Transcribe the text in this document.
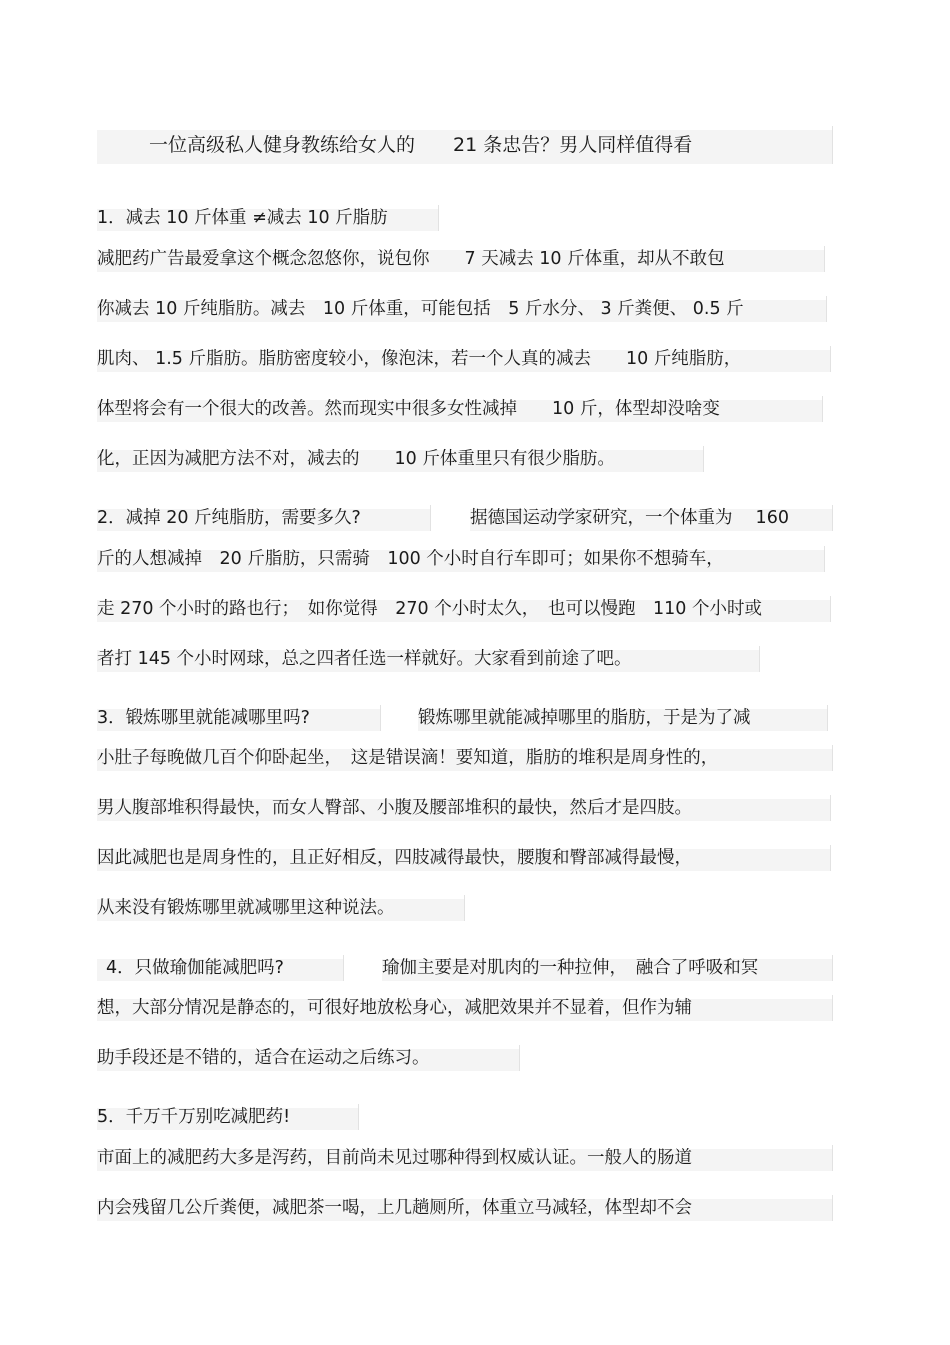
一位高级私人健身教练给女人的　　21 条忠告？男人同样值得看
1．减去 10 斤体重 ≠减去 10 斤脂肪
减肥药广告最爱拿这个概念忽悠你，说包你　　7 天减去 10 斤体重，却从不敢包
你减去 10 斤纯脂肪。减去　10 斤体重，可能包括　5 斤水分、 3 斤粪便、 0.5 斤
肌肉、 1.5 斤脂肪。脂肪密度较小，像泡沫，若一个人真的减去　　10 斤纯脂肪，
体型将会有一个很大的改善。然而现实中很多女性减掉　　10 斤，体型却没啥变
化，正因为减肥方法不对，减去的　　10 斤体重里只有很少脂肪。
2．减掉 20 斤纯脂肪，需要多久?	据德国运动学家研究，一个体重为　 160
斤的人想减掉　20 斤脂肪，只需骑　100 个小时自行车即可；如果你不想骑车，
走 270 个小时的路也行；　如你觉得　270 个小时太久，　也可以慢跑　110 个小时或
者打 145 个小时网球，总之四者任选一样就好。大家看到前途了吧。
3．锻炼哪里就能减哪里吗?	锻炼哪里就能减掉哪里的脂肪，于是为了减
小肚子每晚做几百个仰卧起坐，　这是错误滴！要知道，脂肪的堆积是周身性的，
男人腹部堆积得最快，而女人臀部、小腹及腰部堆积的最快，然后才是四肢。
因此减肥也是周身性的，且正好相反，四肢减得最快，腰腹和臀部减得最慢，
从来没有锻炼哪里就减哪里这种说法。
4．只做瑜伽能减肥吗?	瑜伽主要是对肌肉的一种拉伸，　融合了呼吸和冥
想，大部分情况是静态的，可很好地放松身心，减肥效果并不显着，但作为辅
助手段还是不错的，适合在运动之后练习。
5．千万千万别吃减肥药!
市面上的减肥药大多是泻药，目前尚未见过哪种得到权威认证。一般人的肠道
内会残留几公斤粪便，减肥茶一喝，上几趟厕所，体重立马减轻，体型却不会
